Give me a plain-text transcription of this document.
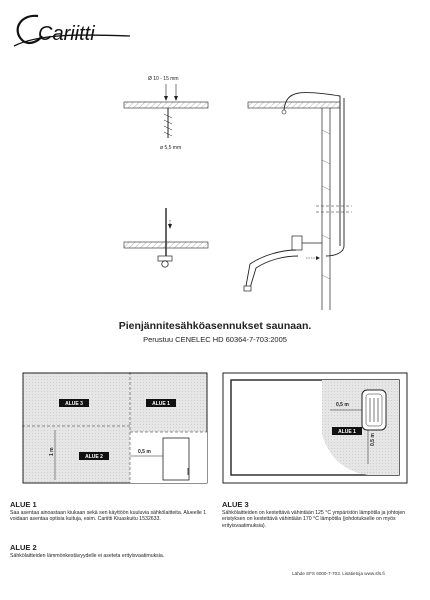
Cariitti
Ø 10 - 15 mm
ø 5,5 mm
Pienjännitesähköasennukset saunaan.
Perustuu CENELEC HD 60364-7-703:2005
ALUE 3	ALUE 1
ALUE 2
1 m	0,5 m
0,5 m
ALUE 1
0,5 m
ALUE 1
Saa asentaa ainoastaan kiukaan sekä sen käyttöön kuuluvia sähkölaitteita. Alueelle 1 voidaan asentaa optisia kuituja, esim. Cariitti Kiuaskuitu 1532633.
ALUE 2
Sähkölaitteiden lämmönkestävyydelle ei aseteta erityisvaatimuksia.
ALUE 3
Sähkölaitteiden on kestettävä vähintään 125 °C ympäristön lämpötila ja johtojen eristyksen on kestettävä vähintään 170 °C lämpötila (johdotukselle on myös erityisvaatimuksia).
Lähde SFS 6000-7-703. Lisätietoja www.sfs.fi
